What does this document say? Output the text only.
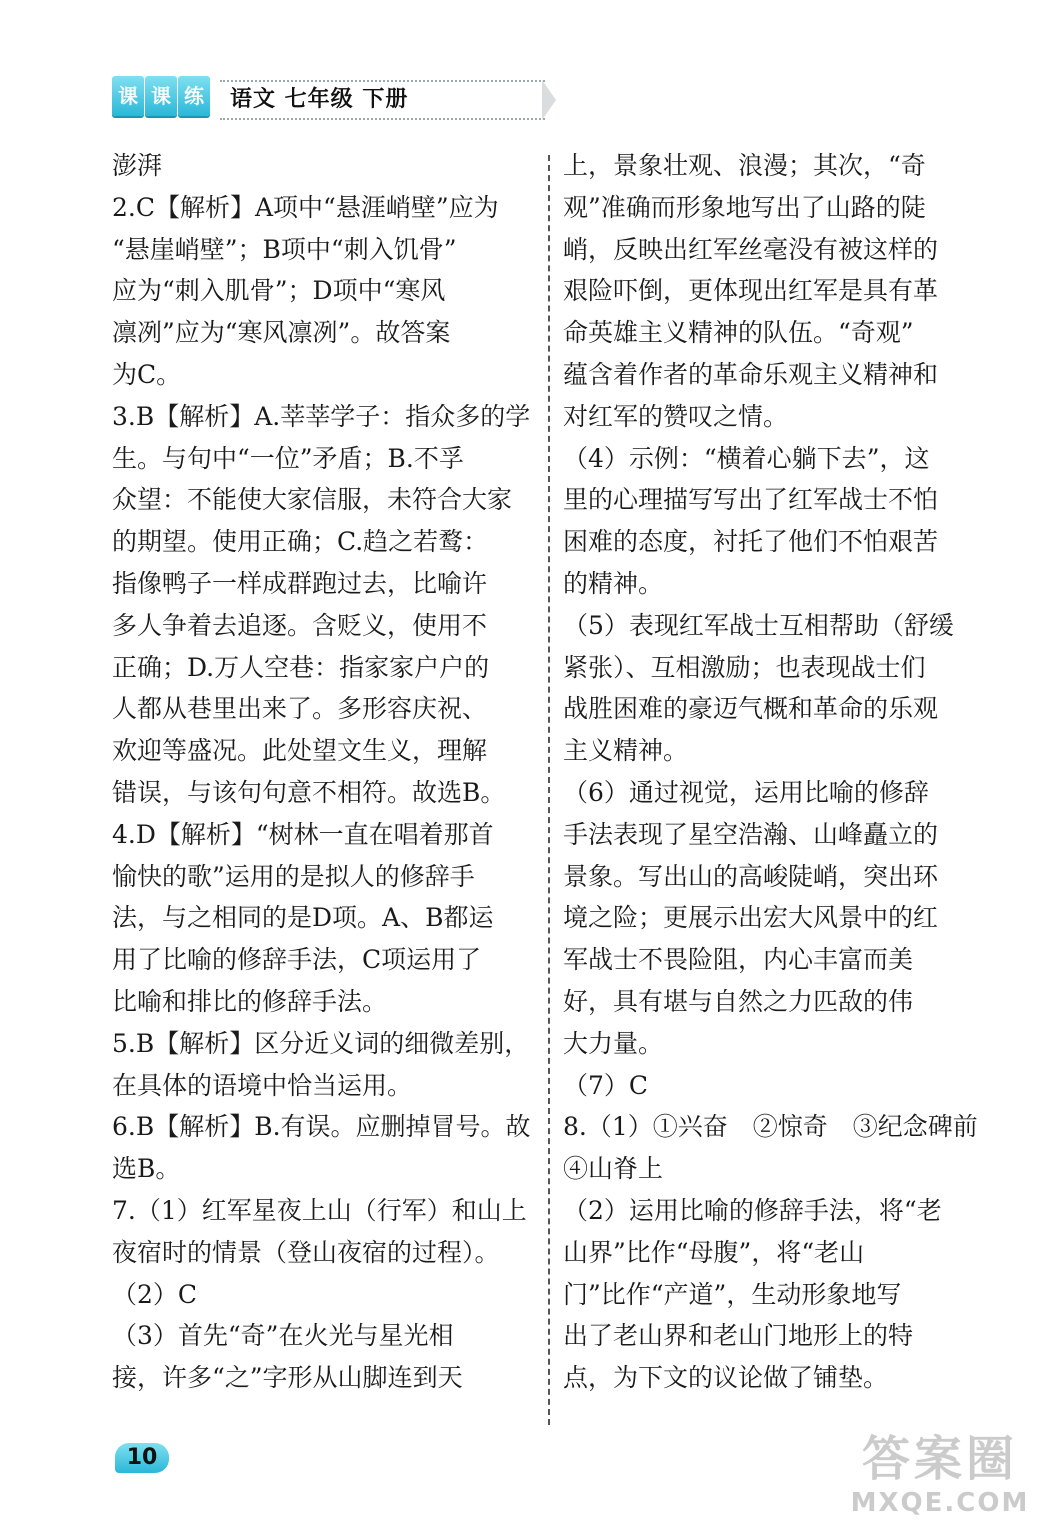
课 课 练	语文 七年级 下册
澎湃
2.C【解析】A项中“悬涯峭壁”应为
“悬崖峭壁”；B项中“刺入饥骨”
应为“刺入肌骨”；D项中“寒风
凛冽”应为“寒风凛冽”。故答案
为C。
3.B【解析】A.莘莘学子：指众多的学
生。与句中“一位”矛盾；B.不孚
众望：不能使大家信服，未符合大家
的期望。使用正确；C.趋之若鹜：
指像鸭子一样成群跑过去，比喻许
多人争着去追逐。含贬义，使用不
正确；D.万人空巷：指家家户户的
人都从巷里出来了。多形容庆祝、
欢迎等盛况。此处望文生义，理解
错误，与该句句意不相符。故选B。
4.D【解析】“树林一直在唱着那首
愉快的歌”运用的是拟人的修辞手
法，与之相同的是D项。A、B都运
用了比喻的修辞手法，C项运用了
比喻和排比的修辞手法。
5.B【解析】区分近义词的细微差别，
在具体的语境中恰当运用。
6.B【解析】B.有误。应删掉冒号。故
选B。
7.（1）红军星夜上山（行军）和山上
夜宿时的情景（登山夜宿的过程）。
（2）C
（3）首先“奇”在火光与星光相
接，许多“之”字形从山脚连到天
上，景象壮观、浪漫；其次，“奇
观”准确而形象地写出了山路的陡
峭，反映出红军丝毫没有被这样的
艰险吓倒，更体现出红军是具有革
命英雄主义精神的队伍。“奇观”
蕴含着作者的革命乐观主义精神和
对红军的赞叹之情。
（4）示例：“横着心躺下去”，这
里的心理描写写出了红军战士不怕
困难的态度，衬托了他们不怕艰苦
的精神。
（5）表现红军战士互相帮助（舒缓
紧张）、互相激励；也表现战士们
战胜困难的豪迈气概和革命的乐观
主义精神。
（6）通过视觉，运用比喻的修辞
手法表现了星空浩瀚、山峰矗立的
景象。写出山的高峻陡峭，突出环
境之险；更展示出宏大风景中的红
军战士不畏险阻，内心丰富而美
好，具有堪与自然之力匹敌的伟
大力量。
（7）C
8.（1）①兴奋　②惊奇　③纪念碑前
④山脊上
（2）运用比喻的修辞手法，将“老
山界”比作“母腹”，将“老山
门”比作“产道”，生动形象地写
出了老山界和老山门地形上的特
点，为下文的议论做了铺垫。
10	答案圈
MXQE.COM
